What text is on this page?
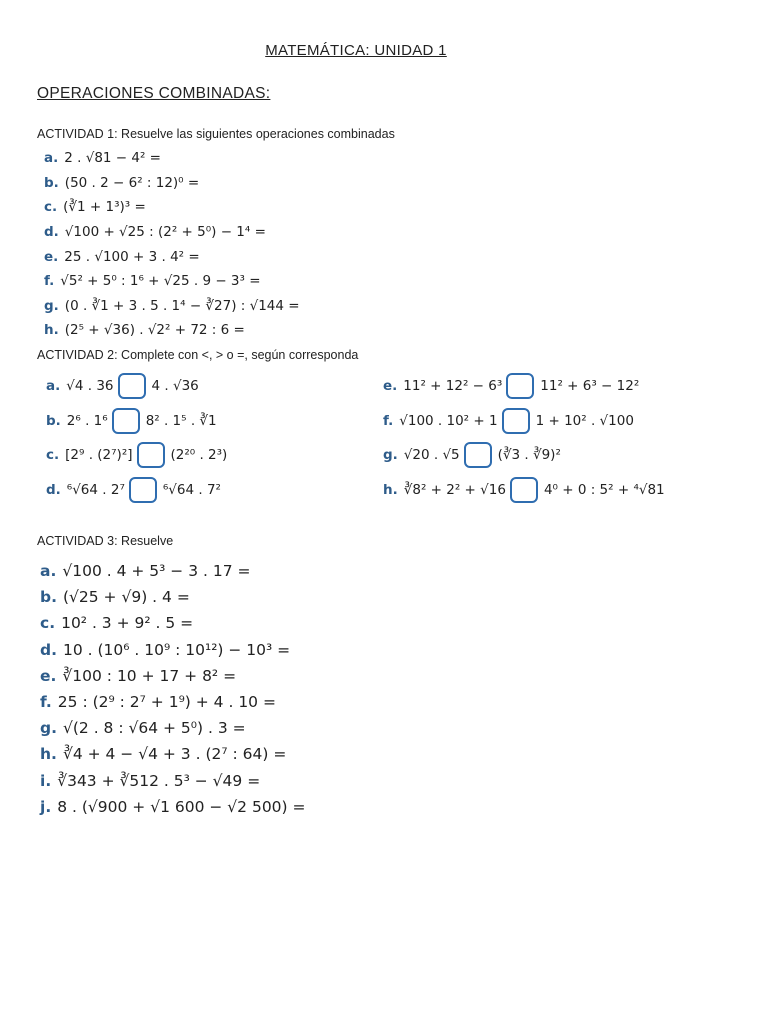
MATEMÁTICA: UNIDAD 1
OPERACIONES COMBINADAS:
ACTIVIDAD 1: Resuelve las siguientes operaciones combinadas
a. 2 . √81 − 4² =
b. (50 . 2 − 6² : 12)⁰ =
c. (∛1 + 1³)³ =
d. √100 + √25 : (2² + 5⁰) − 1⁴ =
e. 25 . √100 + 3 . 4² =
f. √5² + 5⁰ : 1⁶ + √25 . 9 − 3³ =
g. (0 . ∛1 + 3 . 5 . 1⁴ − ∛27) : √144 =
h. (2⁵ + √36) . √2² + 72 : 6 =
ACTIVIDAD 2: Complete con <, > o =, según corresponda
a. √4 . 36	4 . √36
b. 2⁶ . 1⁶	8² . 1⁵ . ∛1
c. [2⁹ . (2⁷)²]	(2²⁰ . 2³)
d. ⁶√64 . 2⁷	⁶√64 . 7²
e. 11² + 12² − 6³	11² + 6³ − 12²
f. √100 . 10² + 1	1 + 10² . √100
g. √20 . √5	(∛3 . ∛9)²
h. ∛8² + 2² + √16	4⁰ + 0 : 5² + ⁴√81
ACTIVIDAD 3: Resuelve
a. √100 . 4 + 5³ − 3 . 17 =
b. (√25 + √9) . 4 =
c. 10² . 3 + 9² . 5 =
d. 10 . (10⁶ . 10⁹ : 10¹²) − 10³ =
e. ∛100 : 10 + 17 + 8² =
f. 25 : (2⁹ : 2⁷ + 1⁹) + 4 . 10 =
g. √(2 . 8 : √64 + 5⁰) . 3 =
h. ∛4 + 4 − √4 + 3 . (2⁷ : 64) =
i. ∛343 + ∛512 . 5³ − √49 =
j. 8 . (√900 + √1 600 − √2 500) =
